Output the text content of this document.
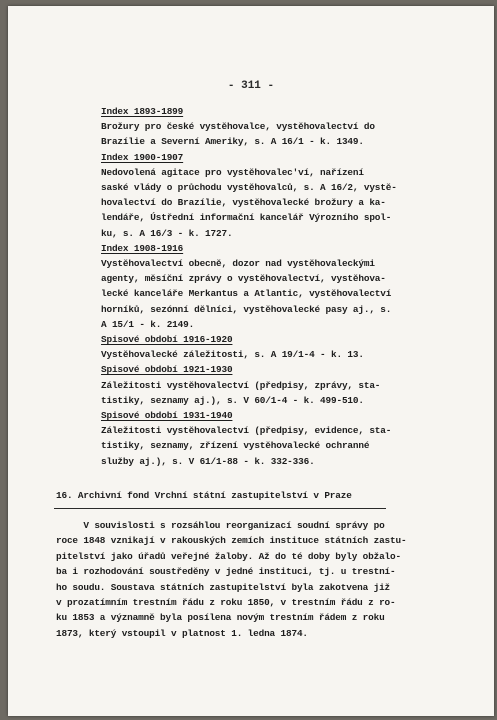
- 311 -
Index 1893-1899
Brožury pro české vystěhovalce, vystěhovalectví do
Brazílie a Severní Ameriky, s. A 16/1 - k. 1349.
Index 1900-1907
Nedovolená agitace pro vystěhovalec'ví, nařízení
saské vlády o průchodu vystěhovalců, s. A 16/2, vystě-
hovalectví do Brazílie, vystěhovalecké brožury a ka-
lendáře, Ústřední informační kancelář Výrozního spol-
ku, s. A 16/3 - k. 1727.
Index 1908-1916
Vystěhovalectví obecně, dozor nad vystěhovaleckými
agenty, měsíční zprávy o vystěhovalectví, vystěhova-
lecké kanceláře Merkantus a Atlantic, vystěhovalectví
horníků, sezónní dělníci, vystěhovalecké pasy aj., s.
A 15/1 - k. 2149.
Spisové období 1916-1920
Vystěhovalecké záležitosti, s. A 19/1-4 - k. 13.
Spisové období 1921-1930
Záležitosti vystěhovalectví (předpisy, zprávy, sta-
tistiky, seznamy aj.), s. V 60/1-4 - k. 499-510.
Spisové období 1931-1940
Záležitosti vystěhovalectví (předpisy, evidence, sta-
tistiky, seznamy, zřízení vystěhovalecké ochranné
služby aj.), s. V 61/1-88 - k. 332-336.
16. Archivní fond Vrchní státní zastupitelství v Praze
V souvislosti s rozsáhlou reorganizací soudní správy po
roce 1848 vznikají v rakouských zemích instituce státních zastu-
pitelství jako úřadů veřejné žaloby. Až do té doby byly obžalo-
ba i rozhodování soustředěny v jedné instituci, tj. u trestní-
ho soudu. Soustava státních zastupitelství byla zakotvena již
v prozatímním trestním řádu z roku 1850, v trestním řádu z ro-
ku 1853 a významně byla posílena novým trestním řádem z roku
1873, který vstoupil v platnost 1. ledna 1874.
